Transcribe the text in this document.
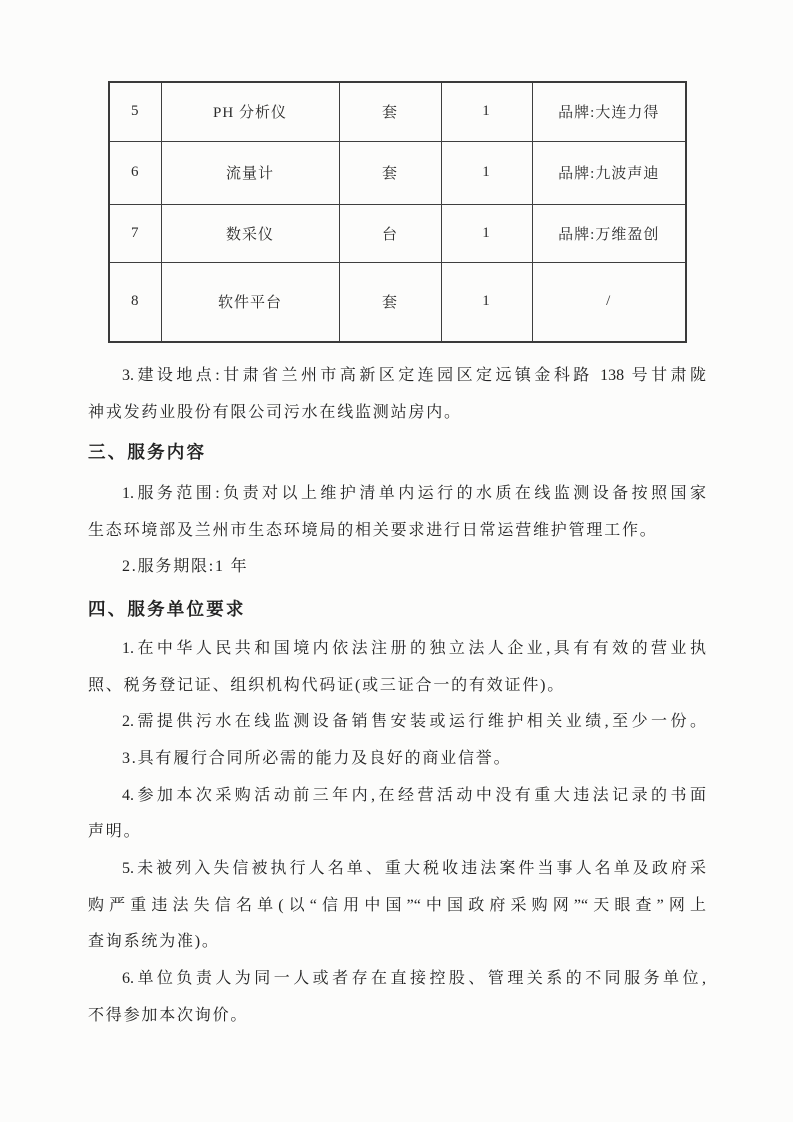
5	PH 分析仪	套	1	品牌:大连力得
6	流量计	套	1	品牌:九波声迪
7	数采仪	台	1	品牌:万维盈创
8	软件平台	套	1	/
3.建设地点:甘肃省兰州市高新区定连园区定远镇金科路 138 号甘肃陇
神戎发药业股份有限公司污水在线监测站房内。
三、服务内容
1.服务范围:负责对以上维护清单内运行的水质在线监测设备按照国家
生态环境部及兰州市生态环境局的相关要求进行日常运营维护管理工作。
2.服务期限:1 年
四、服务单位要求
1.在中华人民共和国境内依法注册的独立法人企业,具有有效的营业执
照、税务登记证、组织机构代码证(或三证合一的有效证件)。
2.需提供污水在线监测设备销售安装或运行维护相关业绩,至少一份。
3.具有履行合同所必需的能力及良好的商业信誉。
4.参加本次采购活动前三年内,在经营活动中没有重大违法记录的书面
声明。
5.未被列入失信被执行人名单、重大税收违法案件当事人名单及政府采
购严重违法失信名单(以“信用中国”“中国政府采购网”“天眼查”网上
查询系统为准)。
6.单位负责人为同一人或者存在直接控股、管理关系的不同服务单位,
不得参加本次询价。
